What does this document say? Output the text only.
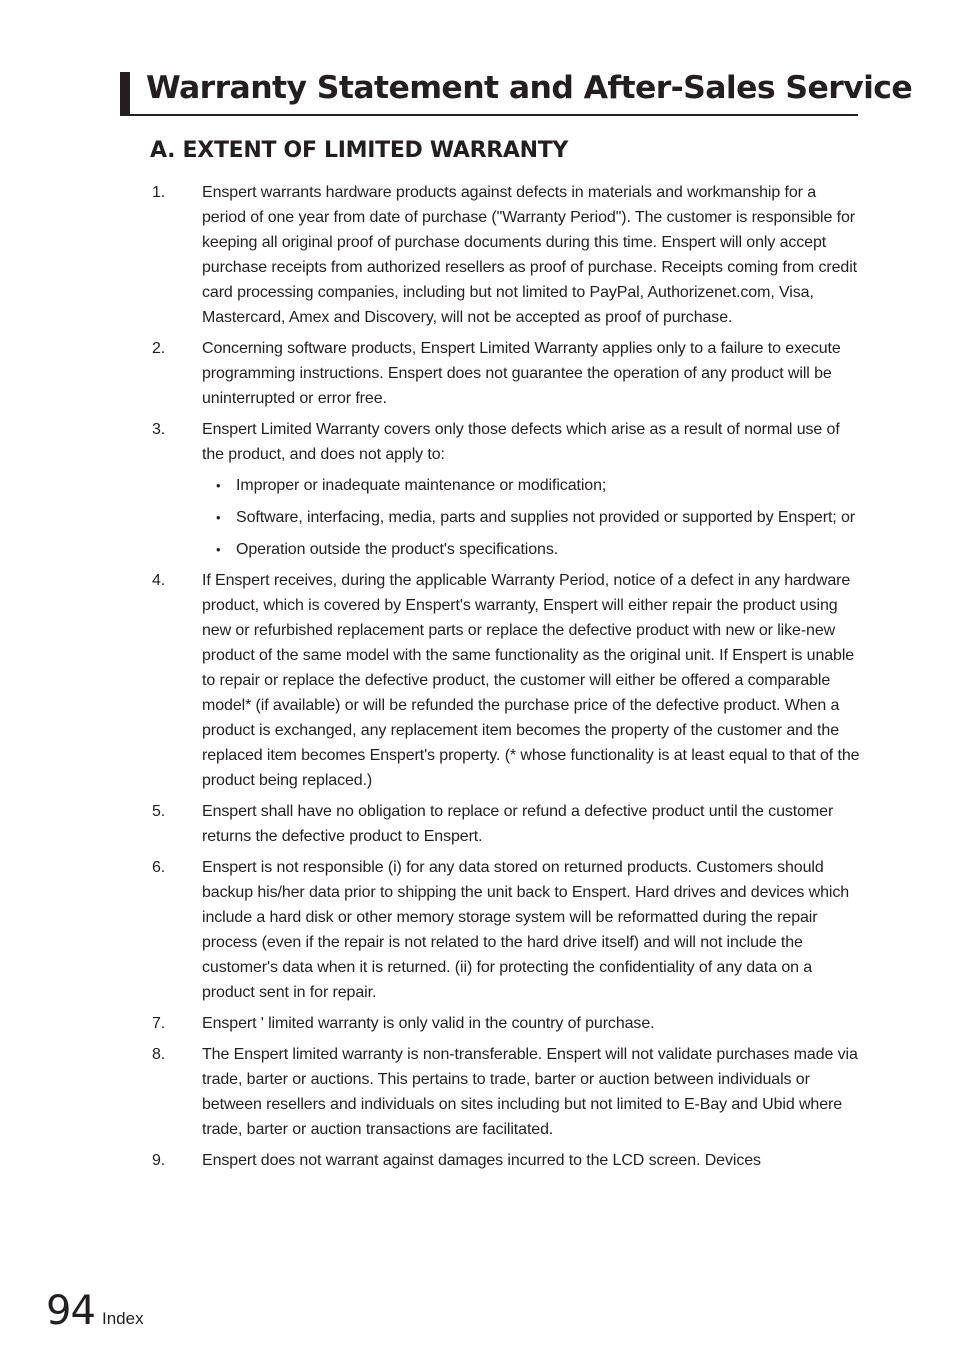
Warranty Statement and After-Sales Service
A. EXTENT OF LIMITED WARRANTY
1. Enspert warrants hardware products against defects in materials and workmanship for a period of one year from date of purchase ("Warranty Period"). The customer is responsible for keeping all original proof of purchase documents during this time. Enspert will only accept purchase receipts from authorized resellers as proof of purchase. Receipts coming from credit card processing companies, including but not limited to PayPal, Authorizenet.com, Visa, Mastercard, Amex and Discovery, will not be accepted as proof of purchase.
2. Concerning software products, Enspert Limited Warranty applies only to a failure to execute programming instructions. Enspert does not guarantee the operation of any product will be uninterrupted or error free.
3. Enspert Limited Warranty covers only those defects which arise as a result of normal use of the product, and does not apply to:
• Improper or inadequate maintenance or modification;
• Software, interfacing, media, parts and supplies not provided or supported by Enspert; or
• Operation outside the product's specifications.
4. If Enspert receives, during the applicable Warranty Period, notice of a defect in any hardware product, which is covered by Enspert's warranty, Enspert will either repair the product using new or refurbished replacement parts or replace the defective product with new or like-new product of the same model with the same functionality as the original unit. If Enspert is unable to repair or replace the defective product, the customer will either be offered a comparable model* (if available) or will be refunded the purchase price of the defective product. When a product is exchanged, any replacement item becomes the property of the customer and the replaced item becomes Enspert's property. (* whose functionality is at least equal to that of the product being replaced.)
5. Enspert shall have no obligation to replace or refund a defective product until the customer returns the defective product to Enspert.
6. Enspert is not responsible (i) for any data stored on returned products. Customers should backup his/her data prior to shipping the unit back to Enspert. Hard drives and devices which include a hard disk or other memory storage system will be reformatted during the repair process (even if the repair is not related to the hard drive itself) and will not include the customer's data when it is returned. (ii) for protecting the confidentiality of any data on a product sent in for repair.
7. Enspert ' limited warranty is only valid in the country of purchase.
8. The Enspert limited warranty is non-transferable. Enspert will not validate purchases made via trade, barter or auctions. This pertains to trade, barter or auction between individuals or between resellers and individuals on sites including but not limited to E-Bay and Ubid where trade, barter or auction transactions are facilitated.
9. Enspert does not warrant against damages incurred to the LCD screen. Devices
94 Index
